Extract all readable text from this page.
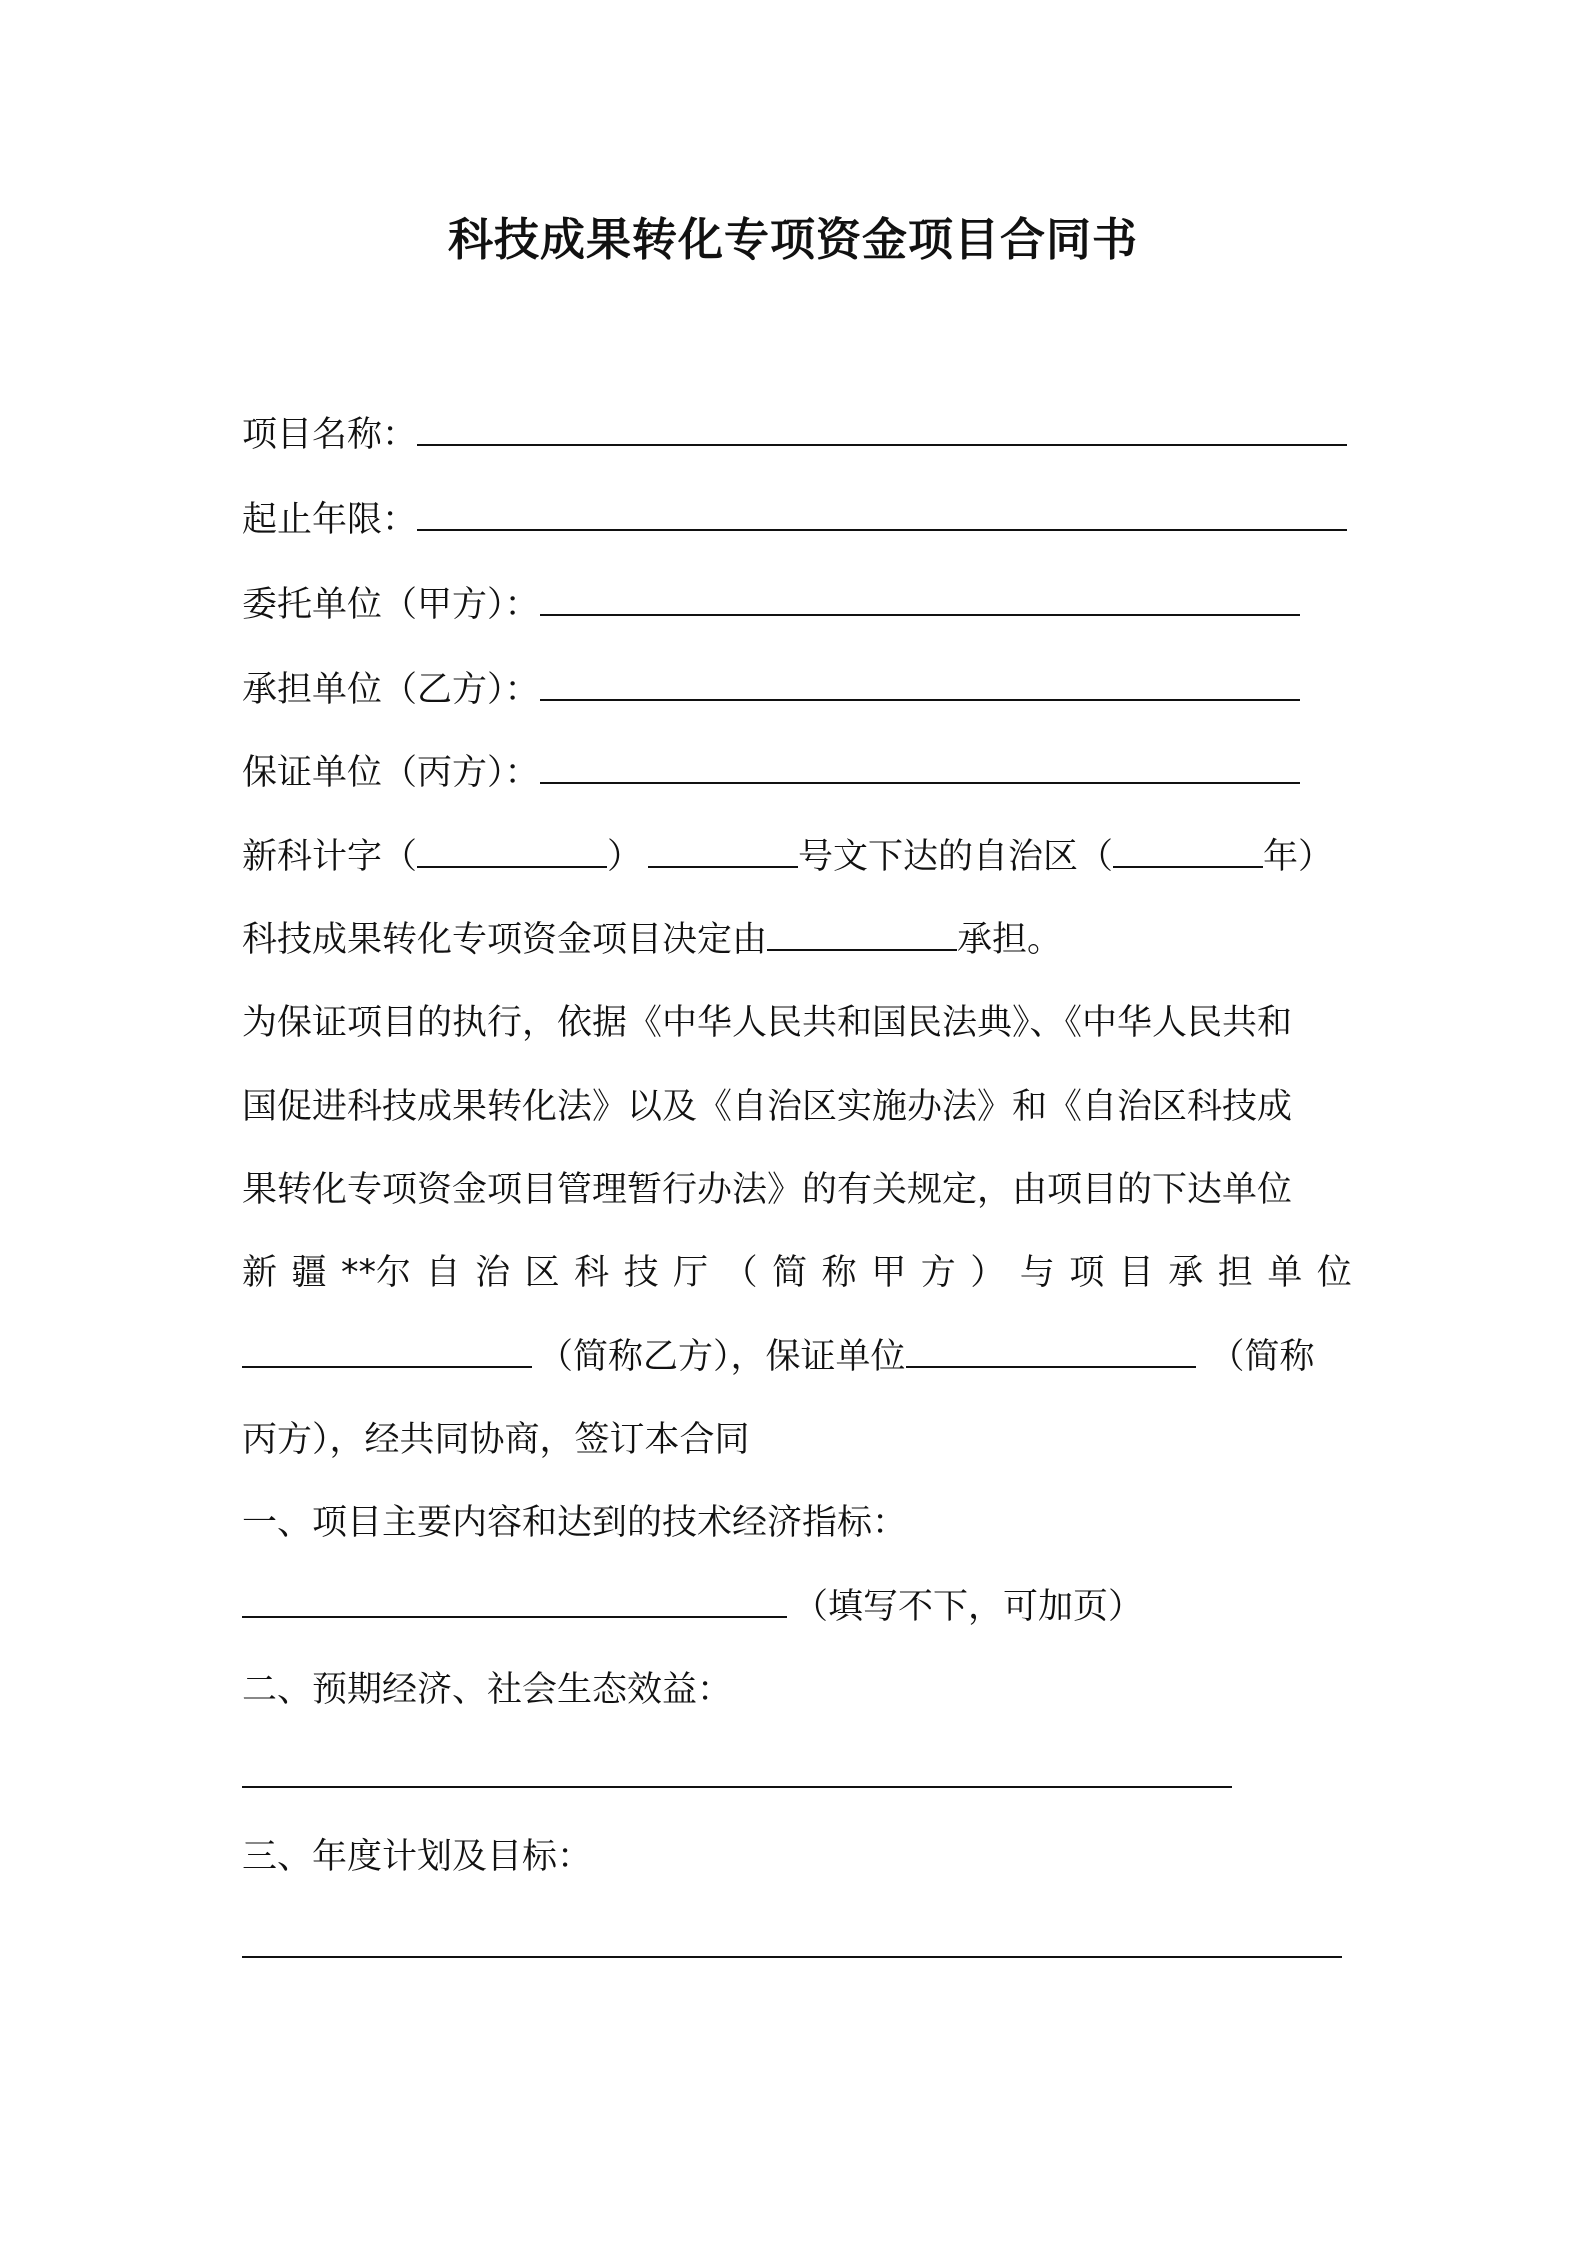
科技成果转化专项资金项目合同书
项目名称：
起止年限：
委托单位（甲方）：
承担单位（乙方）：
保证单位（丙方）：
新科计字（	）	号文下达的自治区（	年）
科技成果转化专项资金项目决定由	承担。
为保证项目的执行，依据《中华人民共和国民法典》、《中华人民共和
国促进科技成果转化法》以及《自治区实施办法》和《自治区科技成
果转化专项资金项目管理暂行办法》的有关规定，由项目的下达单位
新 疆 **尔 自 治 区 科 技 厅 （ 简 称 甲 方 ） 与 项 目 承 担 单 位
（简称乙方），保证单位	（简称
丙方），经共同协商，签订本合同
一、项目主要内容和达到的技术经济指标：
（填写不下，可加页）
二、预期经济、社会生态效益：
三、年度计划及目标：
